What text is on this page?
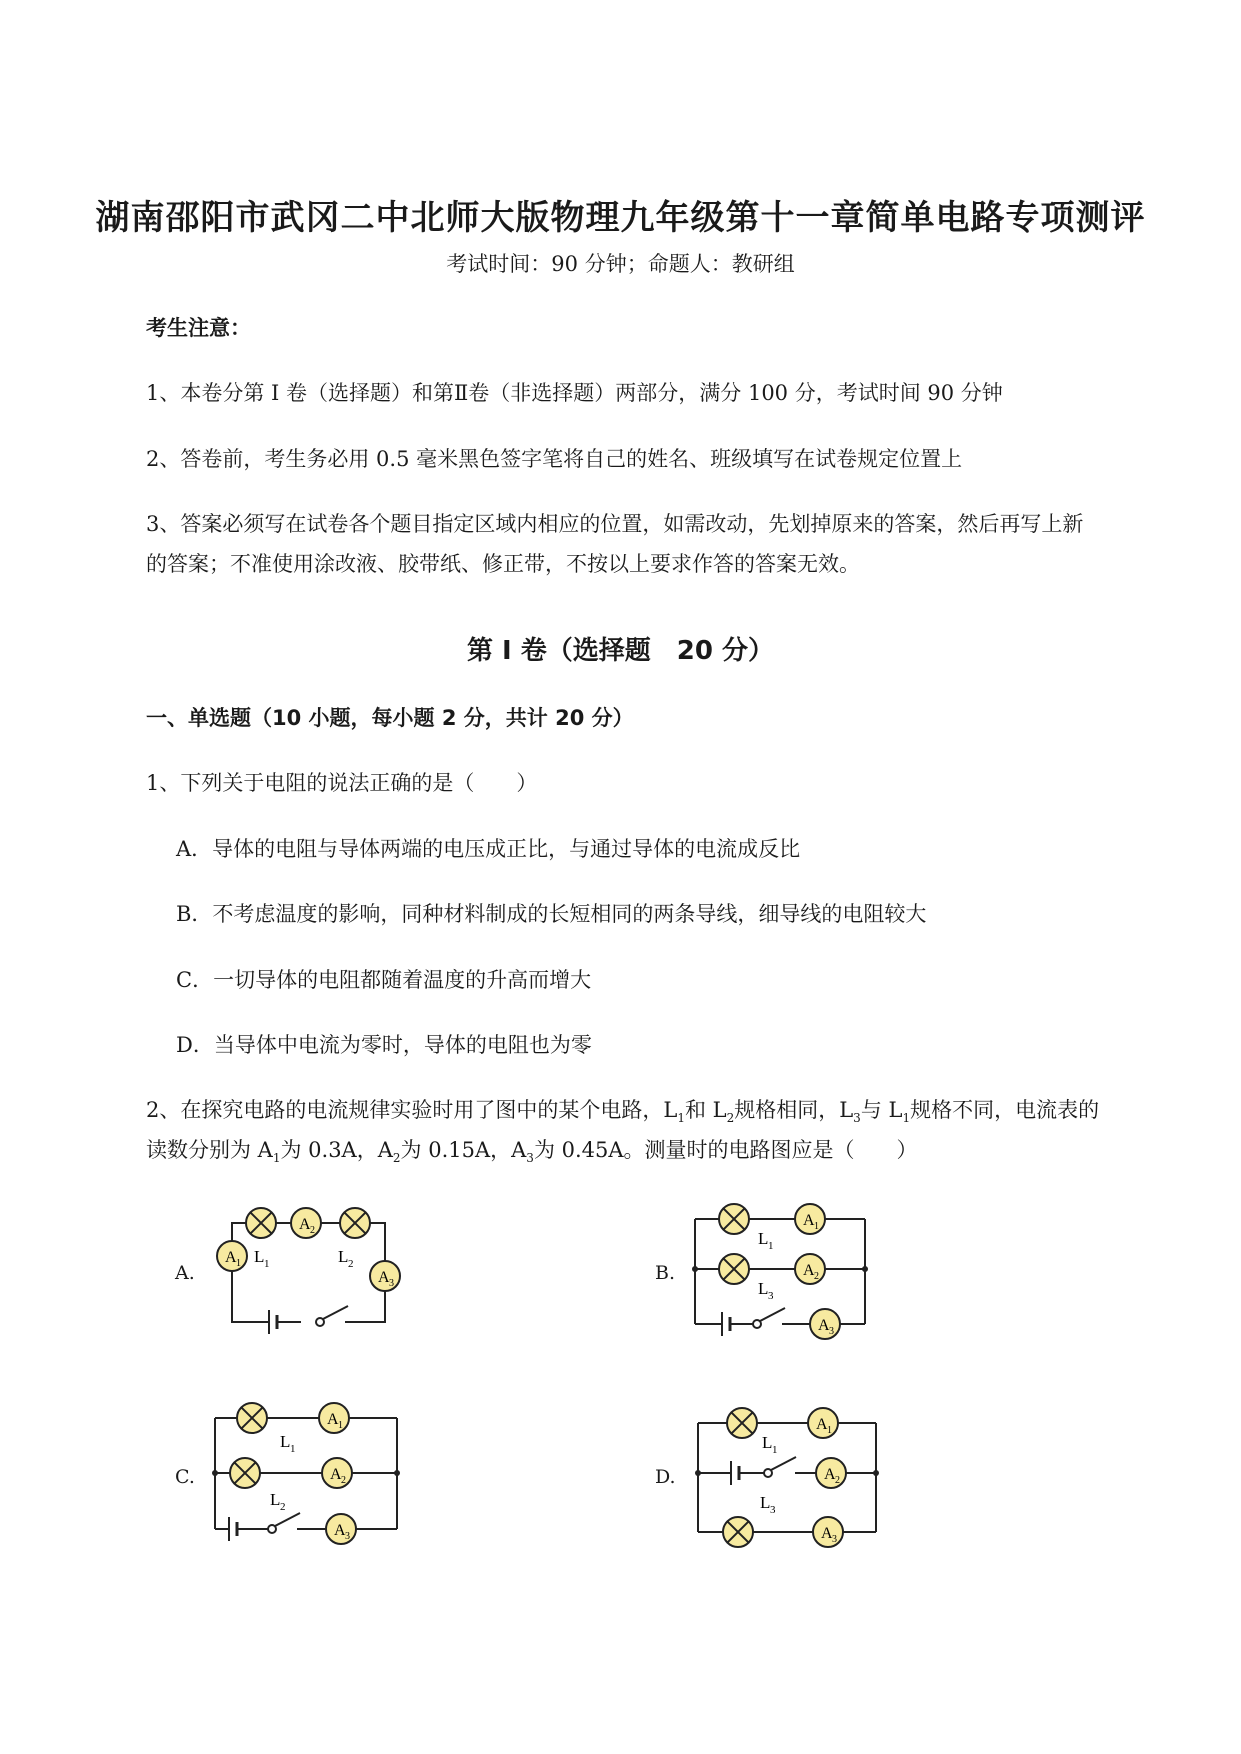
湖南邵阳市武冈二中北师大版物理九年级第十一章简单电路专项测评
考试时间：90 分钟；命题人：教研组
考生注意：
1、本卷分第 I 卷（选择题）和第Ⅱ卷（非选择题）两部分，满分 100 分，考试时间 90 分钟
2、答卷前，考生务必用 0.5 毫米黑色签字笔将自己的姓名、班级填写在试卷规定位置上
3、答案必须写在试卷各个题目指定区域内相应的位置，如需改动，先划掉原来的答案，然后再写上新
的答案；不准使用涂改液、胶带纸、修正带，不按以上要求作答的答案无效。
第 I 卷（选择题　20 分）
一、单选题（10 小题，每小题 2 分，共计 20 分）
1、下列关于电阻的说法正确的是（　　）
A．导体的电阻与导体两端的电压成正比，与通过导体的电流成反比
B．不考虑温度的影响，同种材料制成的长短相同的两条导线，细导线的电阻较大
C．一切导体的电阻都随着温度的升高而增大
D．当导体中电流为零时，导体的电阻也为零
2、在探究电路的电流规律实验时用了图中的某个电路，$L_1$和 $L_2$规格相同，$L_3$与 $L_1$规格不同，电流表的
读数分别为 $A_1$为 0.3A，$A_2$为 0.15A，$A_3$为 0.45A。测量时的电路图应是（　　）
A.	B.
C.	D.
A 2
A 1
A 3
L 1	L 2
A 1
A 2
A 3
L 1
L 3
A 1
A 2
A 3
L 1
L 2
A 1
A 2
A 3
L 1
L 3
